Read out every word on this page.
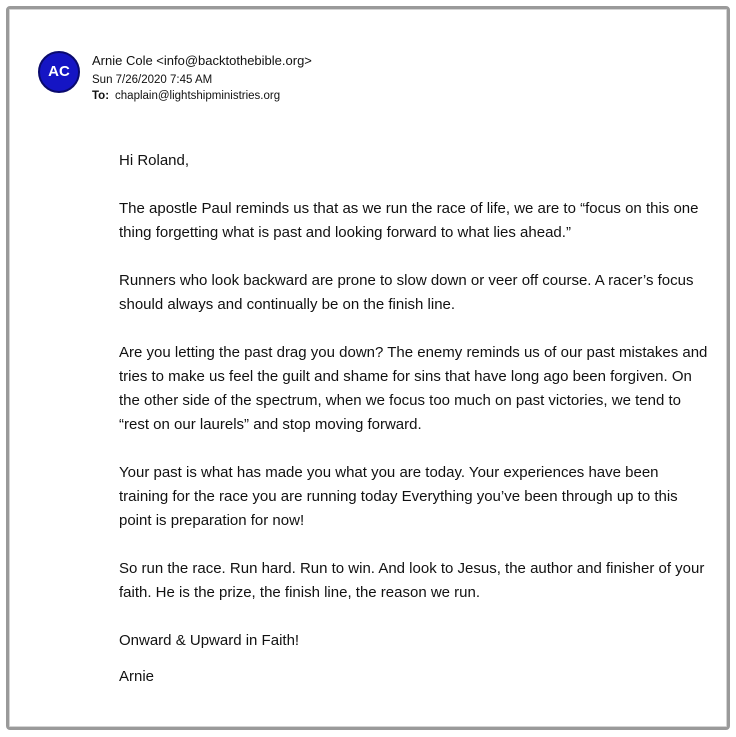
AC
Arnie Cole <info@backtothebible.org>
Sun 7/26/2020 7:45 AM
To: chaplain@lightshipministries.org

Hi Roland,

The apostle Paul reminds us that as we run the race of life, we are to “focus on this one thing forgetting what is past and looking forward to what lies ahead.”

Runners who look backward are prone to slow down or veer off course. A racer’s focus should always and continually be on the finish line.

Are you letting the past drag you down? The enemy reminds us of our past mistakes and tries to make us feel the guilt and shame for sins that have long ago been forgiven. On the other side of the spectrum, when we focus too much on past victories, we tend to “rest on our laurels” and stop moving forward.

Your past is what has made you what you are today. Your experiences have been training for the race you are running today Everything you’ve been through up to this point is preparation for now!

So run the race. Run hard. Run to win. And look to Jesus, the author and finisher of your faith. He is the prize, the finish line, the reason we run.

Onward & Upward in Faith!

Arnie
